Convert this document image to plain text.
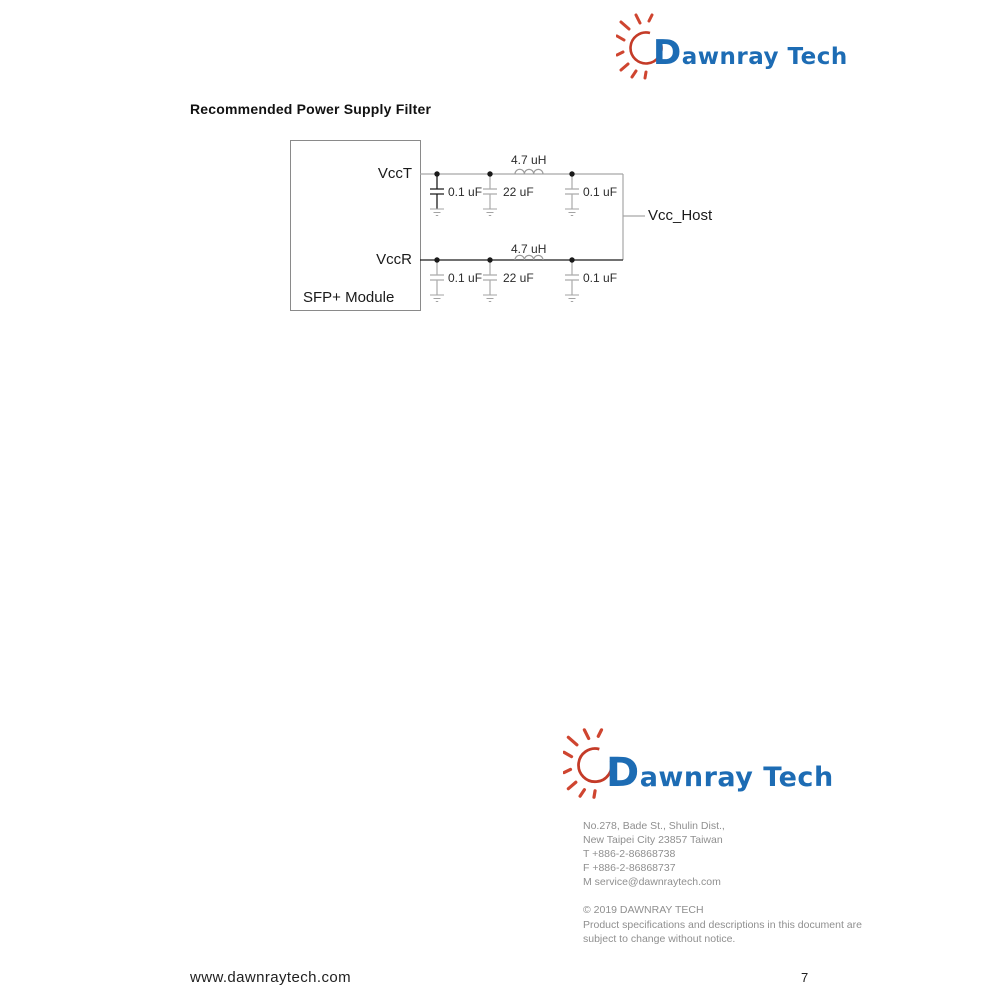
Dawnray Tech
Recommended Power Supply Filter
VccT
VccR
SFP+ Module
Vcc_Host
0.1 uF 22 uF
4.7 uH
0.1 uF
0.1 uF 22 uF
4.7 uH
0.1 uF
Dawnray Tech
No.278, Bade St., Shulin Dist.,
New Taipei City 23857 Taiwan
T +886-2-86868738
F +886-2-86868737
M service@dawnraytech.com
© 2019 DAWNRAY TECH
Product specifications and descriptions in this document are
subject to change without notice.
www.dawnraytech.com	7
